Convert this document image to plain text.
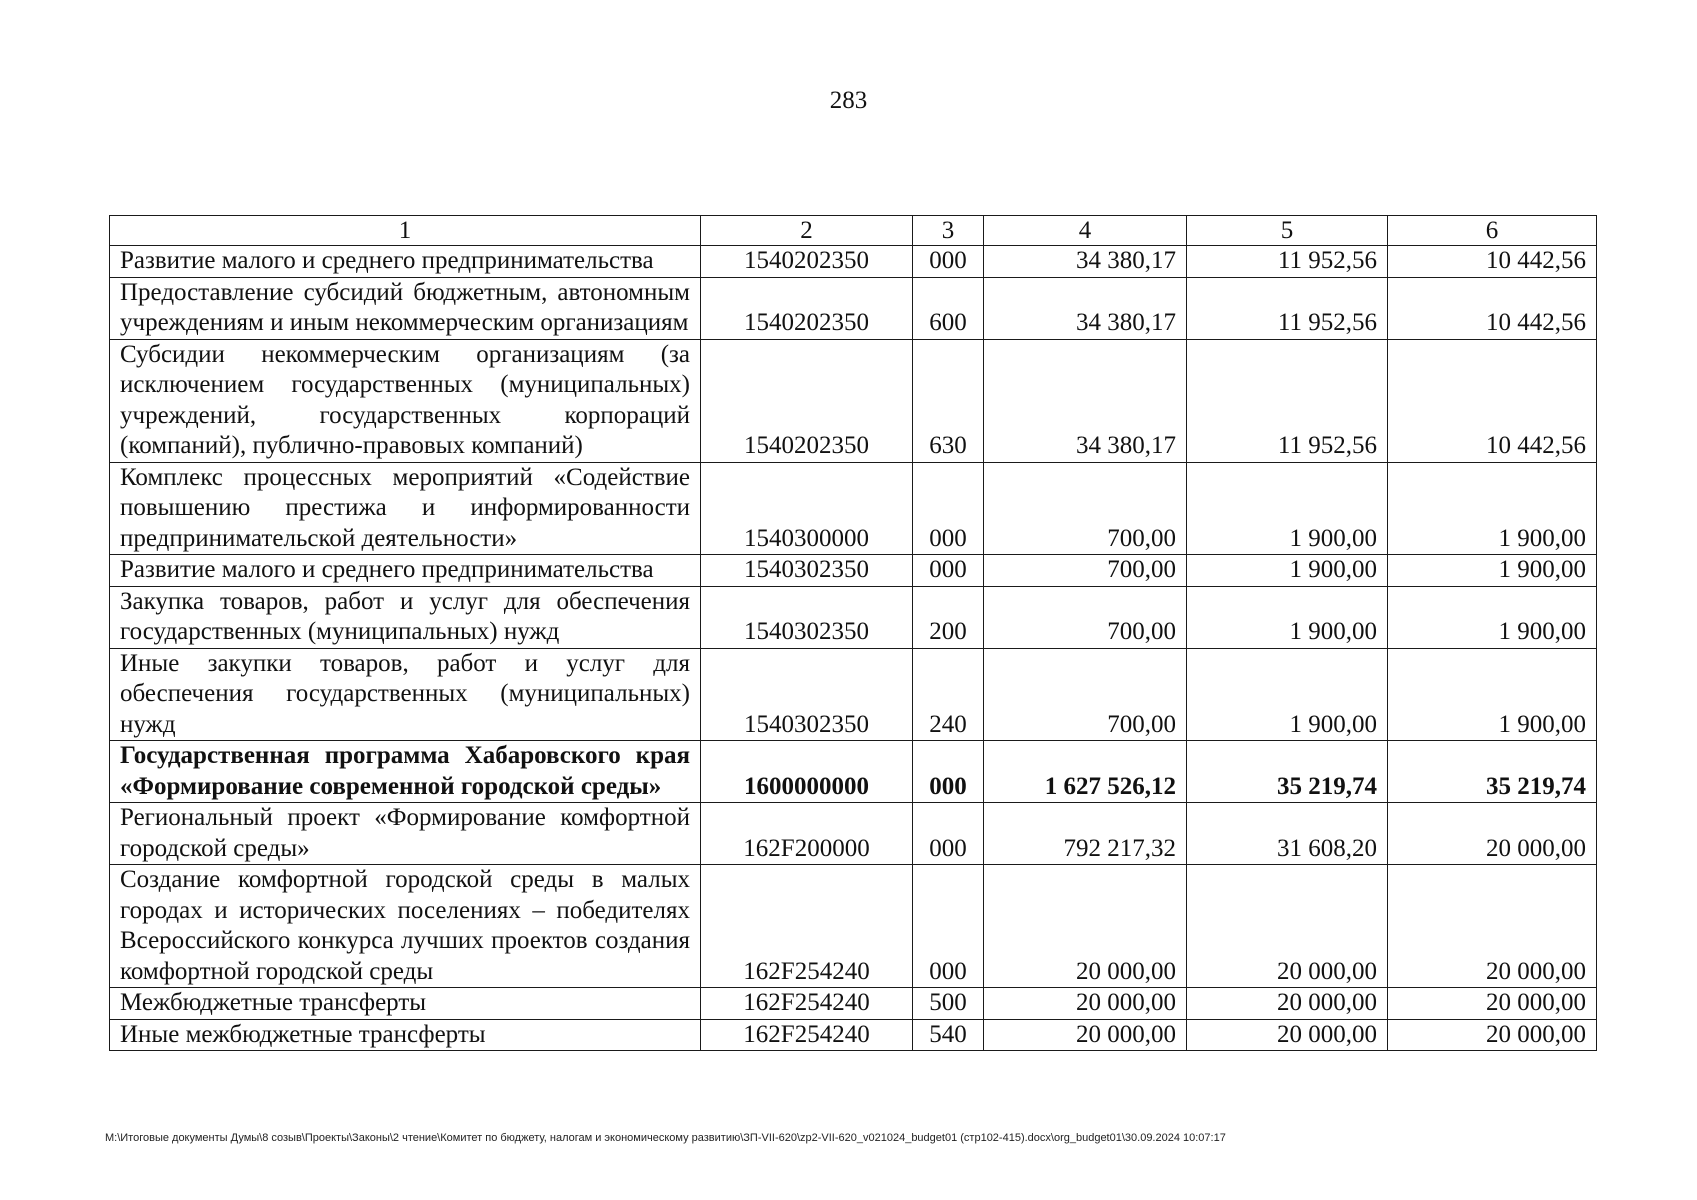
283
1	2	3	4	5	6
Развитие малого и среднего предпринимательства	1540202350	000	34 380,17	11 952,56	10 442,56
Предоставление субсидий бюджетным, автономным учреждениям и иным некоммерческим организациям	1540202350	600	34 380,17	11 952,56	10 442,56
Субсидии некоммерческим организациям (за исключением государственных (муниципальных) учреждений, государственных корпораций (компаний), публично-правовых компаний)	1540202350	630	34 380,17	11 952,56	10 442,56
Комплекс процессных мероприятий «Содействие повышению престижа и информированности предпринимательской деятельности»	1540300000	000	700,00	1 900,00	1 900,00
Развитие малого и среднего предпринимательства	1540302350	000	700,00	1 900,00	1 900,00
Закупка товаров, работ и услуг для обеспечения государственных (муниципальных) нужд	1540302350	200	700,00	1 900,00	1 900,00
Иные закупки товаров, работ и услуг для обеспечения государственных (муниципальных) нужд	1540302350	240	700,00	1 900,00	1 900,00
Государственная программа Хабаровского края «Формирование современной городской среды»	1600000000	000	1 627 526,12	35 219,74	35 219,74
Региональный проект «Формирование комфортной городской среды»	162F200000	000	792 217,32	31 608,20	20 000,00
Создание комфортной городской среды в малых городах и исторических поселениях – победителях Всероссийского конкурса лучших проектов создания комфортной городской среды	162F254240	000	20 000,00	20 000,00	20 000,00
Межбюджетные трансферты	162F254240	500	20 000,00	20 000,00	20 000,00
Иные межбюджетные трансферты	162F254240	540	20 000,00	20 000,00	20 000,00
M:\Итоговые документы Думы\8 созыв\Проекты\Законы\2 чтение\Комитет по бюджету, налогам и экономическому развитию\ЗП-VII-620\zp2-VII-620_v021024_budget01 (стр102-415).docx\org_budget01\30.09.2024 10:07:17
